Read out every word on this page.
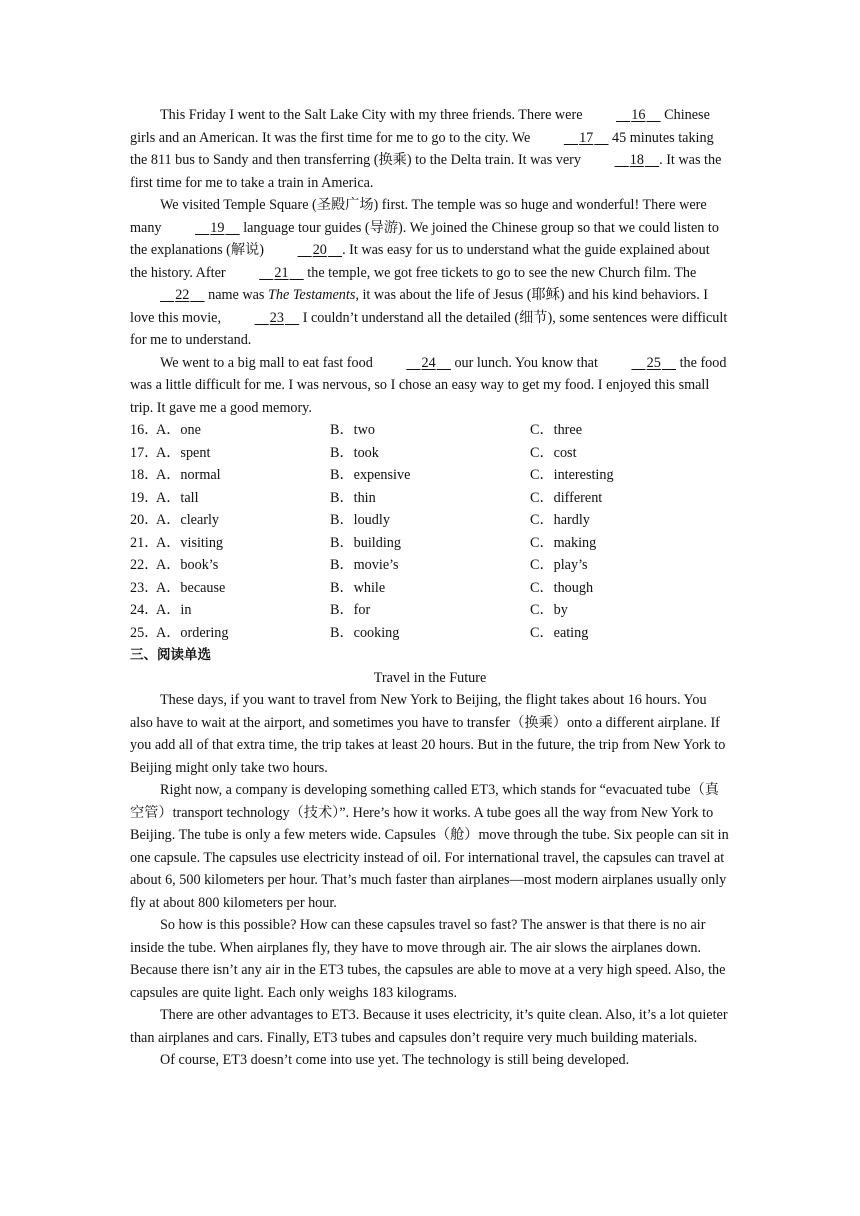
This Friday I went to the Salt Lake City with my three friends. There were	16     Chinese girls and an American. It was the first time for me to go to the city. We	17     45 minutes taking the 811 bus to Sandy and then transferring (换乘) to the Delta train. It was very	18 . It was the first time for me to take a train in America.

We visited Temple Square (圣殿广场) first. The temple was so huge and wonderful! There were many	19     language tour guides (导游). We joined the Chinese group so that we could listen to the explanations (解说)	20 . It was easy for us to understand what the guide explained about the history. After	21     the temple, we got free tickets to go to see the new Church film. The     22     name was The Testaments, it was about the life of Jesus (耶稣) and his kind behaviors. I love this movie,	23     I couldn’t understand all the detailed (细节), some sentences were difficult for me to understand.

We went to a big mall to eat fast food	24     our lunch. You know that	25     the food was a little difficult for me. I was nervous, so I chose an easy way to get my food. I enjoyed this small trip. It gave me a good memory.

16．
A．one	B．two	C．three
17．
A．spent	B．took	C．cost
18．
A．normal	B．expensive	C．interesting
19．
A．tall	B．thin	C．different
20．
A．clearly	B．loudly	C．hardly
21．
A．visiting	B．building	C．making
22．
A．book’s	B．movie’s	C．play’s
23．
A．because	B．while	C．though
24．
A．in	B．for	C．by
25．
A．ordering	B．cooking	C．eating

三、阅读单选

Travel in the Future

These days, if you want to travel from New York to Beijing, the flight takes about 16 hours. You also have to wait at the airport, and sometimes you have to transfer（换乘）onto a different airplane. If you add all of that extra time, the trip takes at least 20 hours. But in the future, the trip from New York to Beijing might only take two hours.

Right now, a company is developing something called ET3, which stands for “evacuated tube（真空管）transport technology（技术）”. Here’s how it works. A tube goes all the way from New York to Beijing. The tube is only a few meters wide. Capsules（舱）move through the tube. Six people can sit in one capsule. The capsules use electricity instead of oil. For international travel, the capsules can travel at about 6, 500 kilometers per hour. That’s much faster than airplanes—most modern airplanes usually only fly at about 800 kilometers per hour.

So how is this possible? How can these capsules travel so fast? The answer is that there is no air inside the tube. When airplanes fly, they have to move through air. The air slows the airplanes down. Because there isn’t any air in the ET3 tubes, the capsules are able to move at a very high speed. Also, the capsules are quite light. Each only weighs 183 kilograms.

There are other advantages to ET3. Because it uses electricity, it’s quite clean. Also, it’s a lot quieter than airplanes and cars. Finally, ET3 tubes and capsules don’t require very much building materials.

Of course, ET3 doesn’t come into use yet. The technology is still being developed.
